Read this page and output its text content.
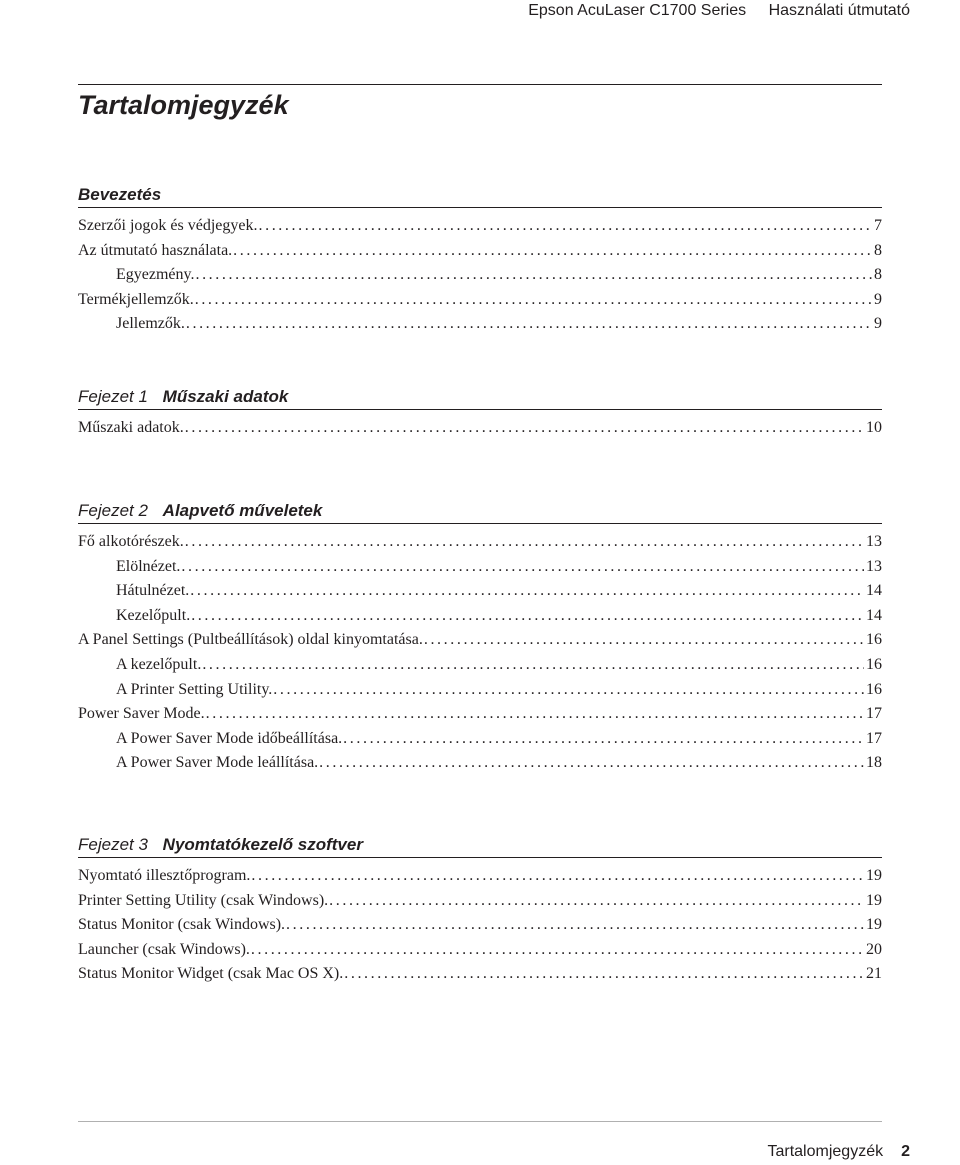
Epson AcuLaser C1700 Series Használati útmutató
Tartalomjegyzék
Bevezetés
Szerzői jogok és védjegyek. .....	7
Az útmutató használata. .....	8
Egyezmény. .....	8
Termékjellemzők. .....	9
Jellemzők. .....	9
Fejezet 1 Műszaki adatok
Műszaki adatok. .....	10
Fejezet 2 Alapvető műveletek
Fő alkotórészek. .....	13
Elölnézet. .....	13
Hátulnézet. .....	14
Kezelőpult. .....	14
A Panel Settings (Pultbeállítások) oldal kinyomtatása. .....	16
A kezelőpult. .....	16
A Printer Setting Utility. .....	16
Power Saver Mode. .....	17
A Power Saver Mode időbeállítása. .....	17
A Power Saver Mode leállítása. .....	18
Fejezet 3 Nyomtatókezelő szoftver
Nyomtató illesztőprogram. .....	19
Printer Setting Utility (csak Windows). .....	19
Status Monitor (csak Windows). .....	19
Launcher (csak Windows). .....	20
Status Monitor Widget (csak Mac OS X). .....	21
Tartalomjegyzék 2
